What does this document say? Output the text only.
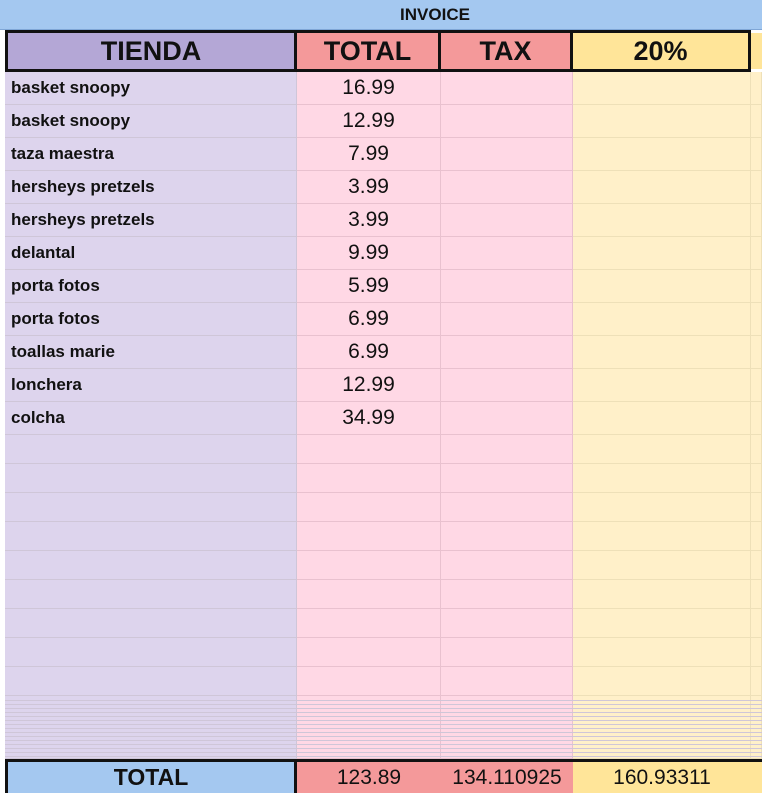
INVOICE
TIENDA	TOTAL	TAX	20%
basket snoopy	16.99
basket snoopy	12.99
taza maestra	7.99
hersheys pretzels	3.99
hersheys pretzels	3.99
delantal	9.99
porta fotos	5.99
porta fotos	6.99
toallas marie	6.99
lonchera	12.99
colcha	34.99
TOTAL	123.89	134.110925	160.93311
